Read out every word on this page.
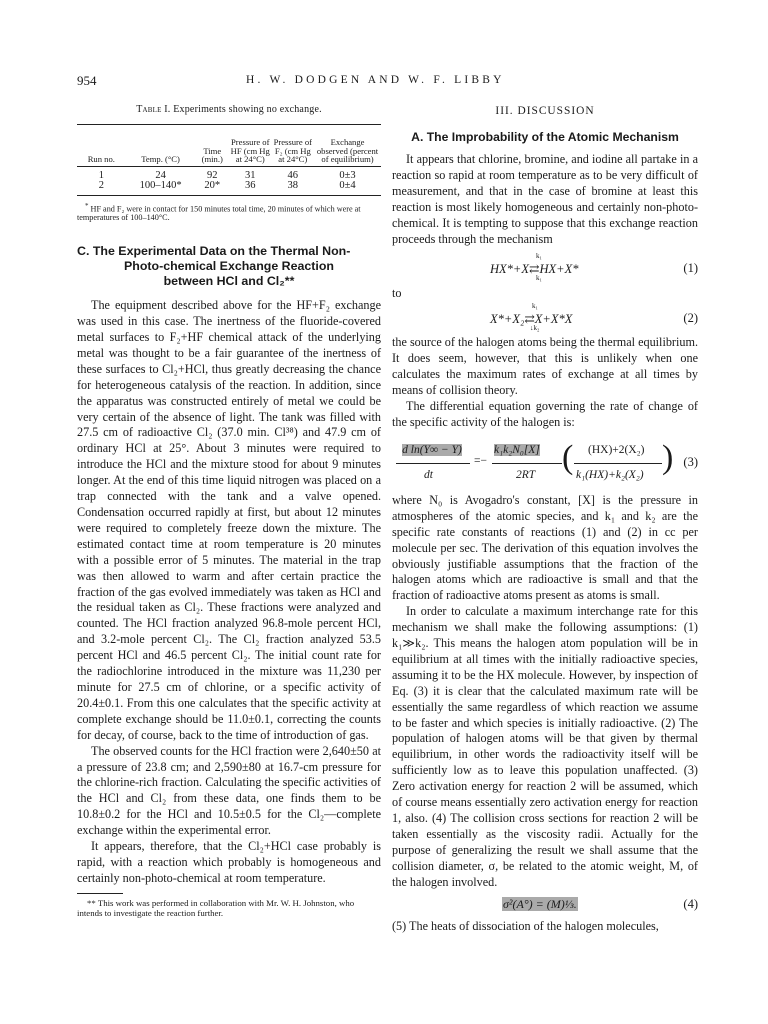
954	H. W. DODGEN AND W. F. LIBBY
Table I. Experiments showing no exchange.
Run no.	Temp. (°C)	Time (min.)	Pressure of HF (cm Hg at 24°C)	Pressure of F₂ (cm Hg at 24°C)	Exchange observed (percent of equilibrium)
1	24	92	31	46	0±3
2	100–140*	20*	36	38	0±4
* HF and F₂ were in contact for 150 minutes total time, 20 minutes of which were at temperatures of 100–140°C.
C. The Experimental Data on the Thermal Non-
Photo-chemical Exchange Reaction
between HCl and Cl₂**

The equipment described above for the HF+F₂ exchange was used in this case. The inertness of the fluoride-covered metal surfaces to F₂+HF chemical attack of the underlying metal was thought to be a fair guarantee of the inertness of these surfaces to Cl₂+HCl, thus greatly decreasing the chance for heterogeneous catalysis of the reaction. In addition, since the apparatus was constructed entirely of metal we could be very certain of the absence of light. The tank was filled with 27.5 cm of radioactive Cl₂ (37.0 min. Cl³⁸) and 47.9 cm of ordinary HCl at 25°. About 3 minutes were required to introduce the HCl and the mixture stood for about 9 minutes longer. At the end of this time liquid nitrogen was placed on a trap connected with the tank and a valve opened. Condensation occurred rapidly at first, but about 12 minutes were required to completely freeze down the mixture. The estimated contact time at room temperature is 20 minutes with a possible error of 5 minutes. The material in the trap was then allowed to warm and after certain practice the fraction of the gas evolved immediately was taken as HCl and the residual taken as Cl₂. These fractions were analyzed and counted. The HCl fraction analyzed 96.8-mole percent HCl, and 3.2-mole percent Cl₂. The Cl₂ fraction analyzed 53.5 percent HCl and 46.5 percent Cl₂. The initial count rate for the radiochlorine introduced in the mixture was 11,230 per minute for 27.5 cm of chlorine, or a specific activity of 20.4±0.1. From this one calculates that the specific activity at complete exchange should be 11.0±0.1, correcting the counts for decay, of course, back to the time of introduction of gas.

The observed counts for the HCl fraction were 2,640±50 at a pressure of 23.8 cm; and 2,590±80 at 16.7-cm pressure for the chlorine-rich fraction. Calculating the specific activities of the HCl and Cl₂ from these data, one finds them to be 10.8±0.2 for the HCl and 10.5±0.5 for the Cl₂—complete exchange within the experimental error.

It appears, therefore, that the Cl₂+HCl case probably is rapid, with a reaction which probably is homogeneous and certainly non-photo-chemical at room temperature.

** This work was performed in collaboration with Mr. W. H. Johnston, who intends to investigate the reaction further.
III. DISCUSSION
A. The Improbability of the Atomic Mechanism

It appears that chlorine, bromine, and iodine all partake in a reaction so rapid at room temperature as to be very difficult of measurement, and that in the case of bromine at least this reaction is most likely homogeneous and certainly non-photo-chemical. It is tempting to suppose that this exchange reaction proceeds through the mechanism

k₁
HX*+X⇄HX+X*
k₁
(1)
to
k₁
X*+X₂⇄X+X*X
↓k₂
(2)

the source of the halogen atoms being the thermal equilibrium. It does seem, however, that this is unlikely when one calculates the maximum rates of exchange at all times by means of collision theory.

The differential equation governing the rate of change of the specific activity of the halogen is:

d ln(Y∞ − Y)
dt
=−
k₁k₂N₀[X]
2RT ( (HX)+2(X₂)
k₁(HX)+k₂(X₂) ) (3)

where N₀ is Avogadro's constant, [X] is the pressure in atmospheres of the atomic species, and k₁ and k₂ are the specific rate constants of reactions (1) and (2) in cc per molecule per sec. The derivation of this equation involves the obviously justifiable assumptions that the fraction of the halogen atoms which are radioactive is small and that the fraction of radioactive atoms present as atoms is small.

In order to calculate a maximum interchange rate for this mechanism we shall make the following assumptions: (1) k₁≫k₂. This means the halogen atom population will be in equilibrium at all times with the initially radioactive species, assuming it to be the HX molecule. However, by inspection of Eq. (3) it is clear that the calculated maximum rate will be essentially the same regardless of which reaction we assume to be faster and which species is initially radioactive. (2) The population of halogen atoms will be that given by thermal equilibrium, in other words the radioactivity itself will be sufficiently low as to leave this population unaffected. (3) Zero activation energy for reaction 2 will be assumed, which of course means essentially zero activation energy for reaction 1, also. (4) The collision cross sections for reaction 2 will be taken essentially as the viscosity radii. Actually for the purpose of generalizing the result we shall assume that the collision diameter, σ, be related to the atomic weight, M, of the halogen involved.

σ²(A°) = (M)⅓.	(4)

(5) The heats of dissociation of the halogen molecules,
